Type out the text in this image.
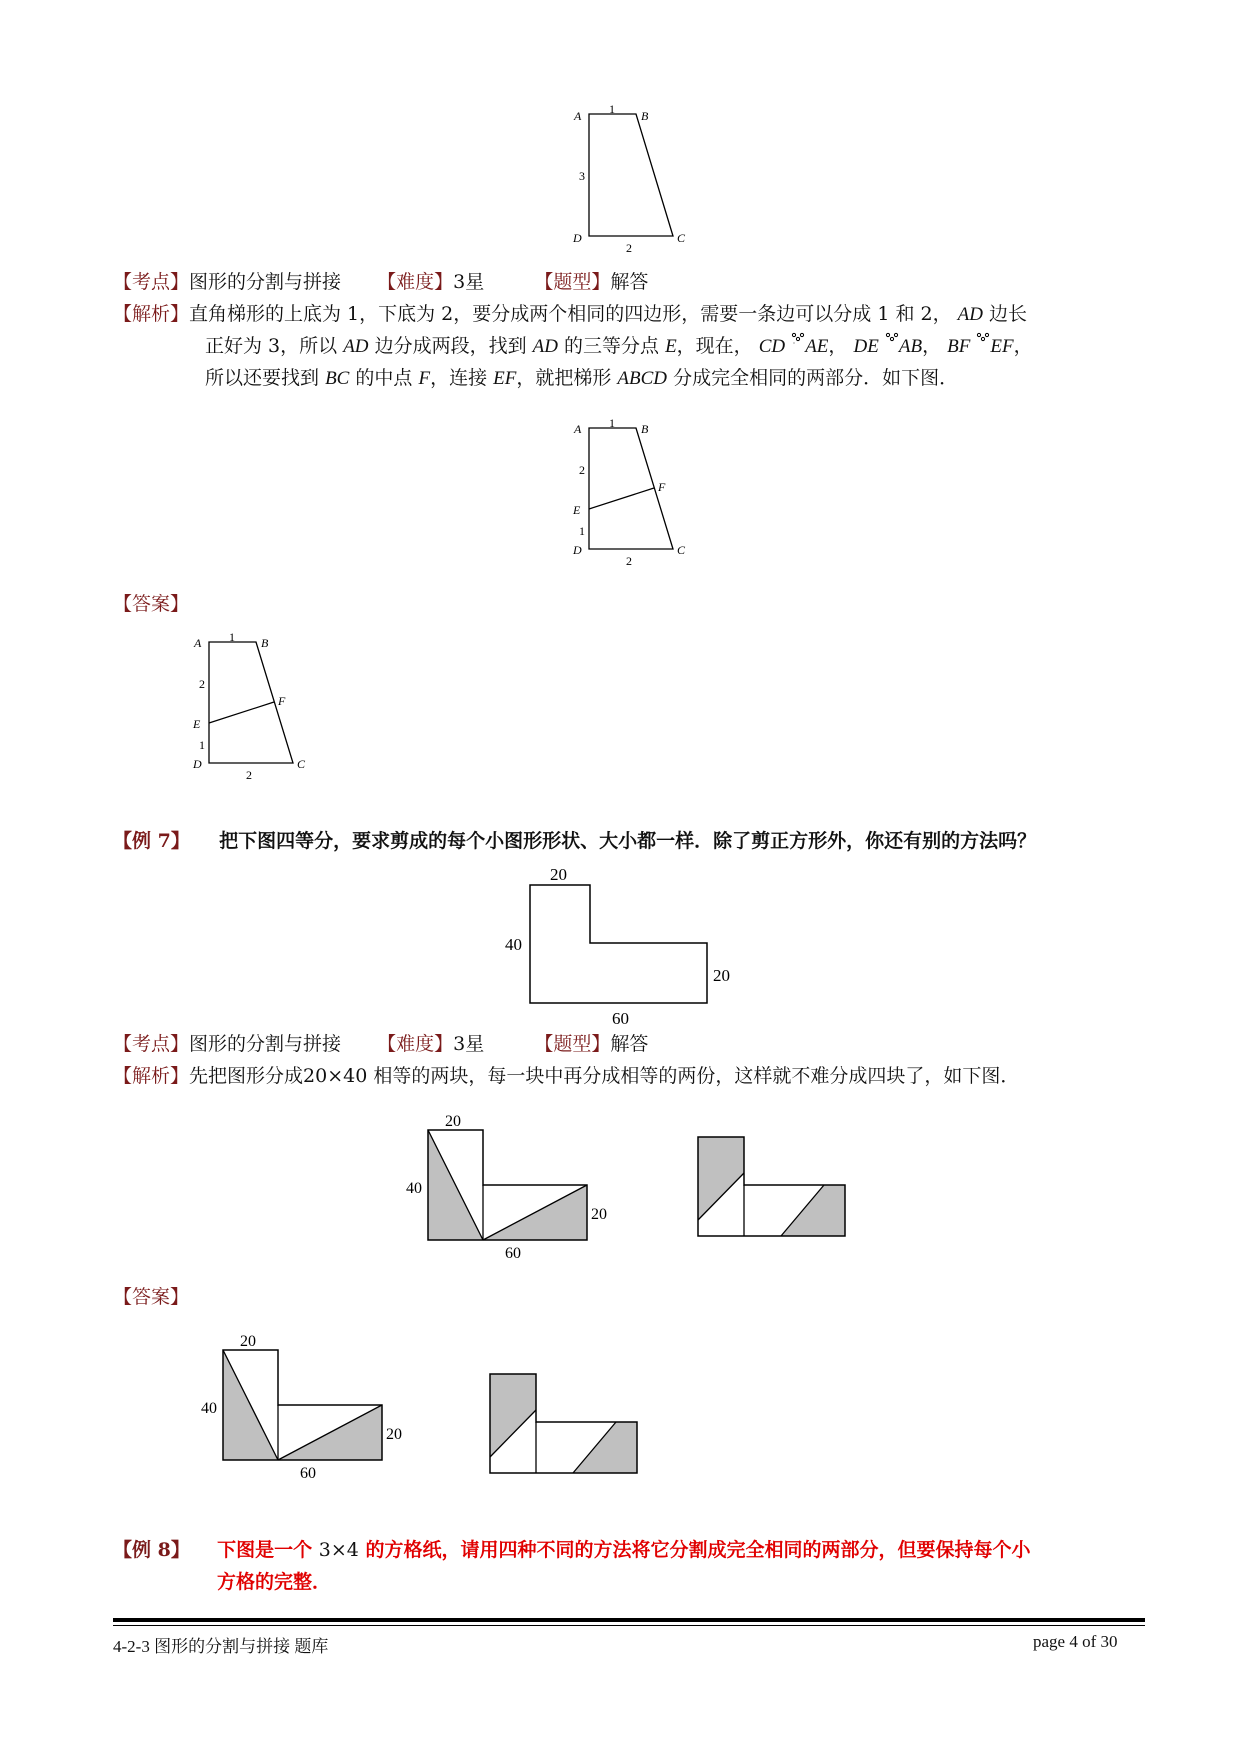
A	B
C
D
1
3
2
【考点】图形的分割与拼接 【难度】3星	【题型】解答
【解析】直角梯形的上底为 1，下底为 2，要分成两个相同的四边形，需要一条边可以分成 1 和 2， AD 边长
正好为 3，所以 AD 边分成两段，找到 AD 的三等分点 E，现在， CD AE， DE AB， BF EF，
所以还要找到 BC 的中点 F，连接 EF，就把梯形 ABCD 分成完全相同的两部分．如下图．
A	B
C
D
E
F
1
2
1
2
【答案】
A	B
C
D
E
F
1
2
1
2
【例 7】 把下图四等分，要求剪成的每个小图形形状、大小都一样．除了剪正方形外，你还有别的方法吗？
20
40
20
60
【考点】图形的分割与拼接 【难度】3星	【题型】解答
【解析】先把图形分成20×40 相等的两块，每一块中再分成相等的两份，这样就不难分成四块了，如下图．
20
40
20
60
【答案】
20
40
20
60
【例 8】 下图是一个 3×4 的方格纸，请用四种不同的方法将它分割成完全相同的两部分，但要保持每个小
方格的完整．
4-2-3 图形的分割与拼接 题库	page 4 of 30
